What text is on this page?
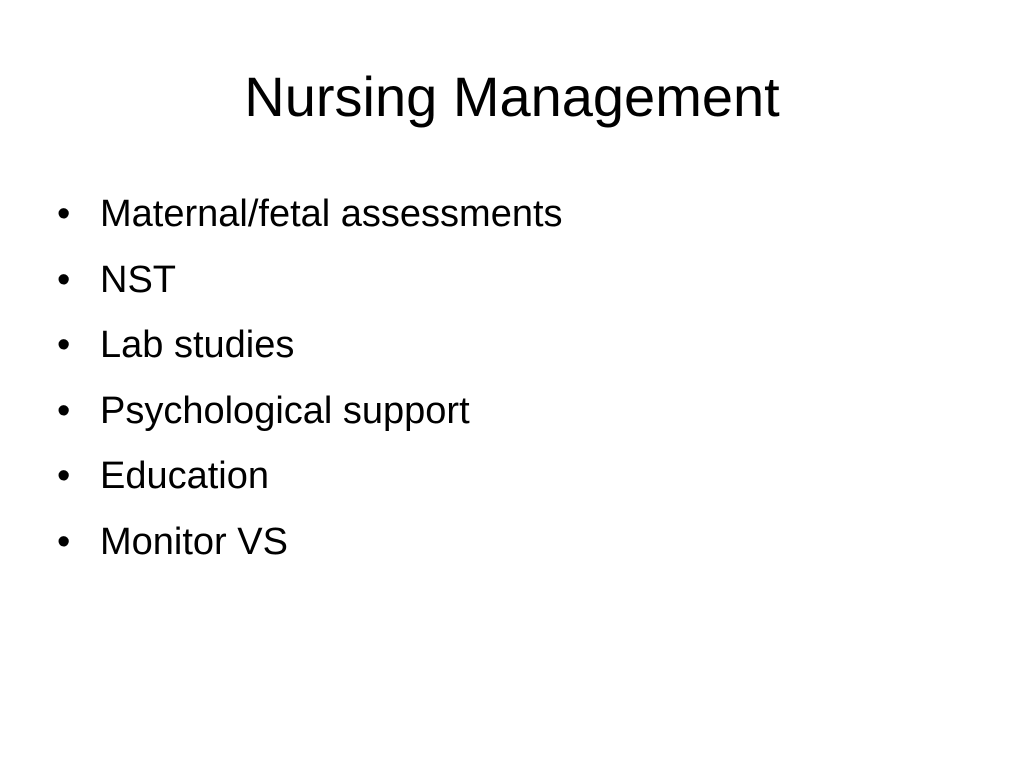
Nursing Management
• Maternal/fetal assessments
• NST
• Lab studies
• Psychological support
• Education
• Monitor VS
